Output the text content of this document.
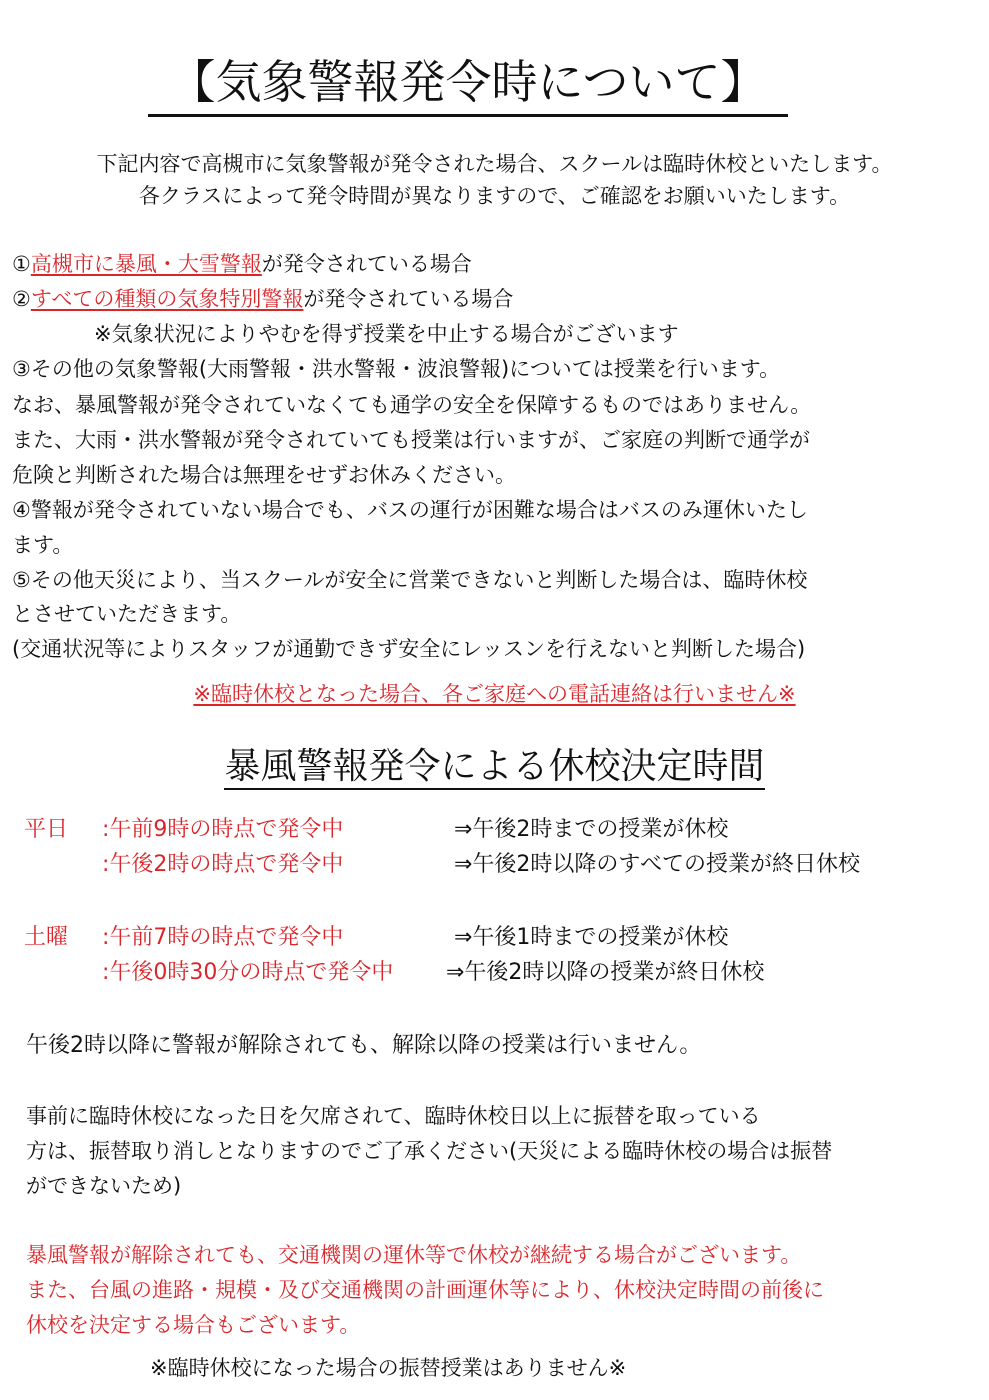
【気象警報発令時について】
下記内容で高槻市に気象警報が発令された場合、スクールは臨時休校といたします。
各クラスによって発令時間が異なりますので、ご確認をお願いいたします。
①高槻市に暴風・大雪警報が発令されている場合
②すべての種類の気象特別警報が発令されている場合
※気象状況によりやむを得ず授業を中止する場合がございます
③その他の気象警報(大雨警報・洪水警報・波浪警報)については授業を行います。
なお、暴風警報が発令されていなくても通学の安全を保障するものではありません。
また、大雨・洪水警報が発令されていても授業は行いますが、ご家庭の判断で通学が
危険と判断された場合は無理をせずお休みください。
④警報が発令されていない場合でも、バスの運行が困難な場合はバスのみ運休いたし
ます。
⑤その他天災により、当スクールが安全に営業できないと判断した場合は、臨時休校
とさせていただきます。
(交通状況等によりスタッフが通勤できず安全にレッスンを行えないと判断した場合)
※臨時休校となった場合、各ご家庭への電話連絡は行いません※
暴風警報発令による休校決定時間
平日 :午前9時の時点で発令中	⇒午後2時までの授業が休校
:午後2時の時点で発令中	⇒午後2時以降のすべての授業が終日休校
土曜 :午前7時の時点で発令中	⇒午後1時までの授業が休校
:午後0時30分の時点で発令中 ⇒午後2時以降の授業が終日休校
午後2時以降に警報が解除されても、解除以降の授業は行いません。
事前に臨時休校になった日を欠席されて、臨時休校日以上に振替を取っている
方は、振替取り消しとなりますのでご了承ください(天災による臨時休校の場合は振替
ができないため)
暴風警報が解除されても、交通機関の運休等で休校が継続する場合がございます。
また、台風の進路・規模・及び交通機関の計画運休等により、休校決定時間の前後に
休校を決定する場合もございます。
※臨時休校になった場合の振替授業はありません※
